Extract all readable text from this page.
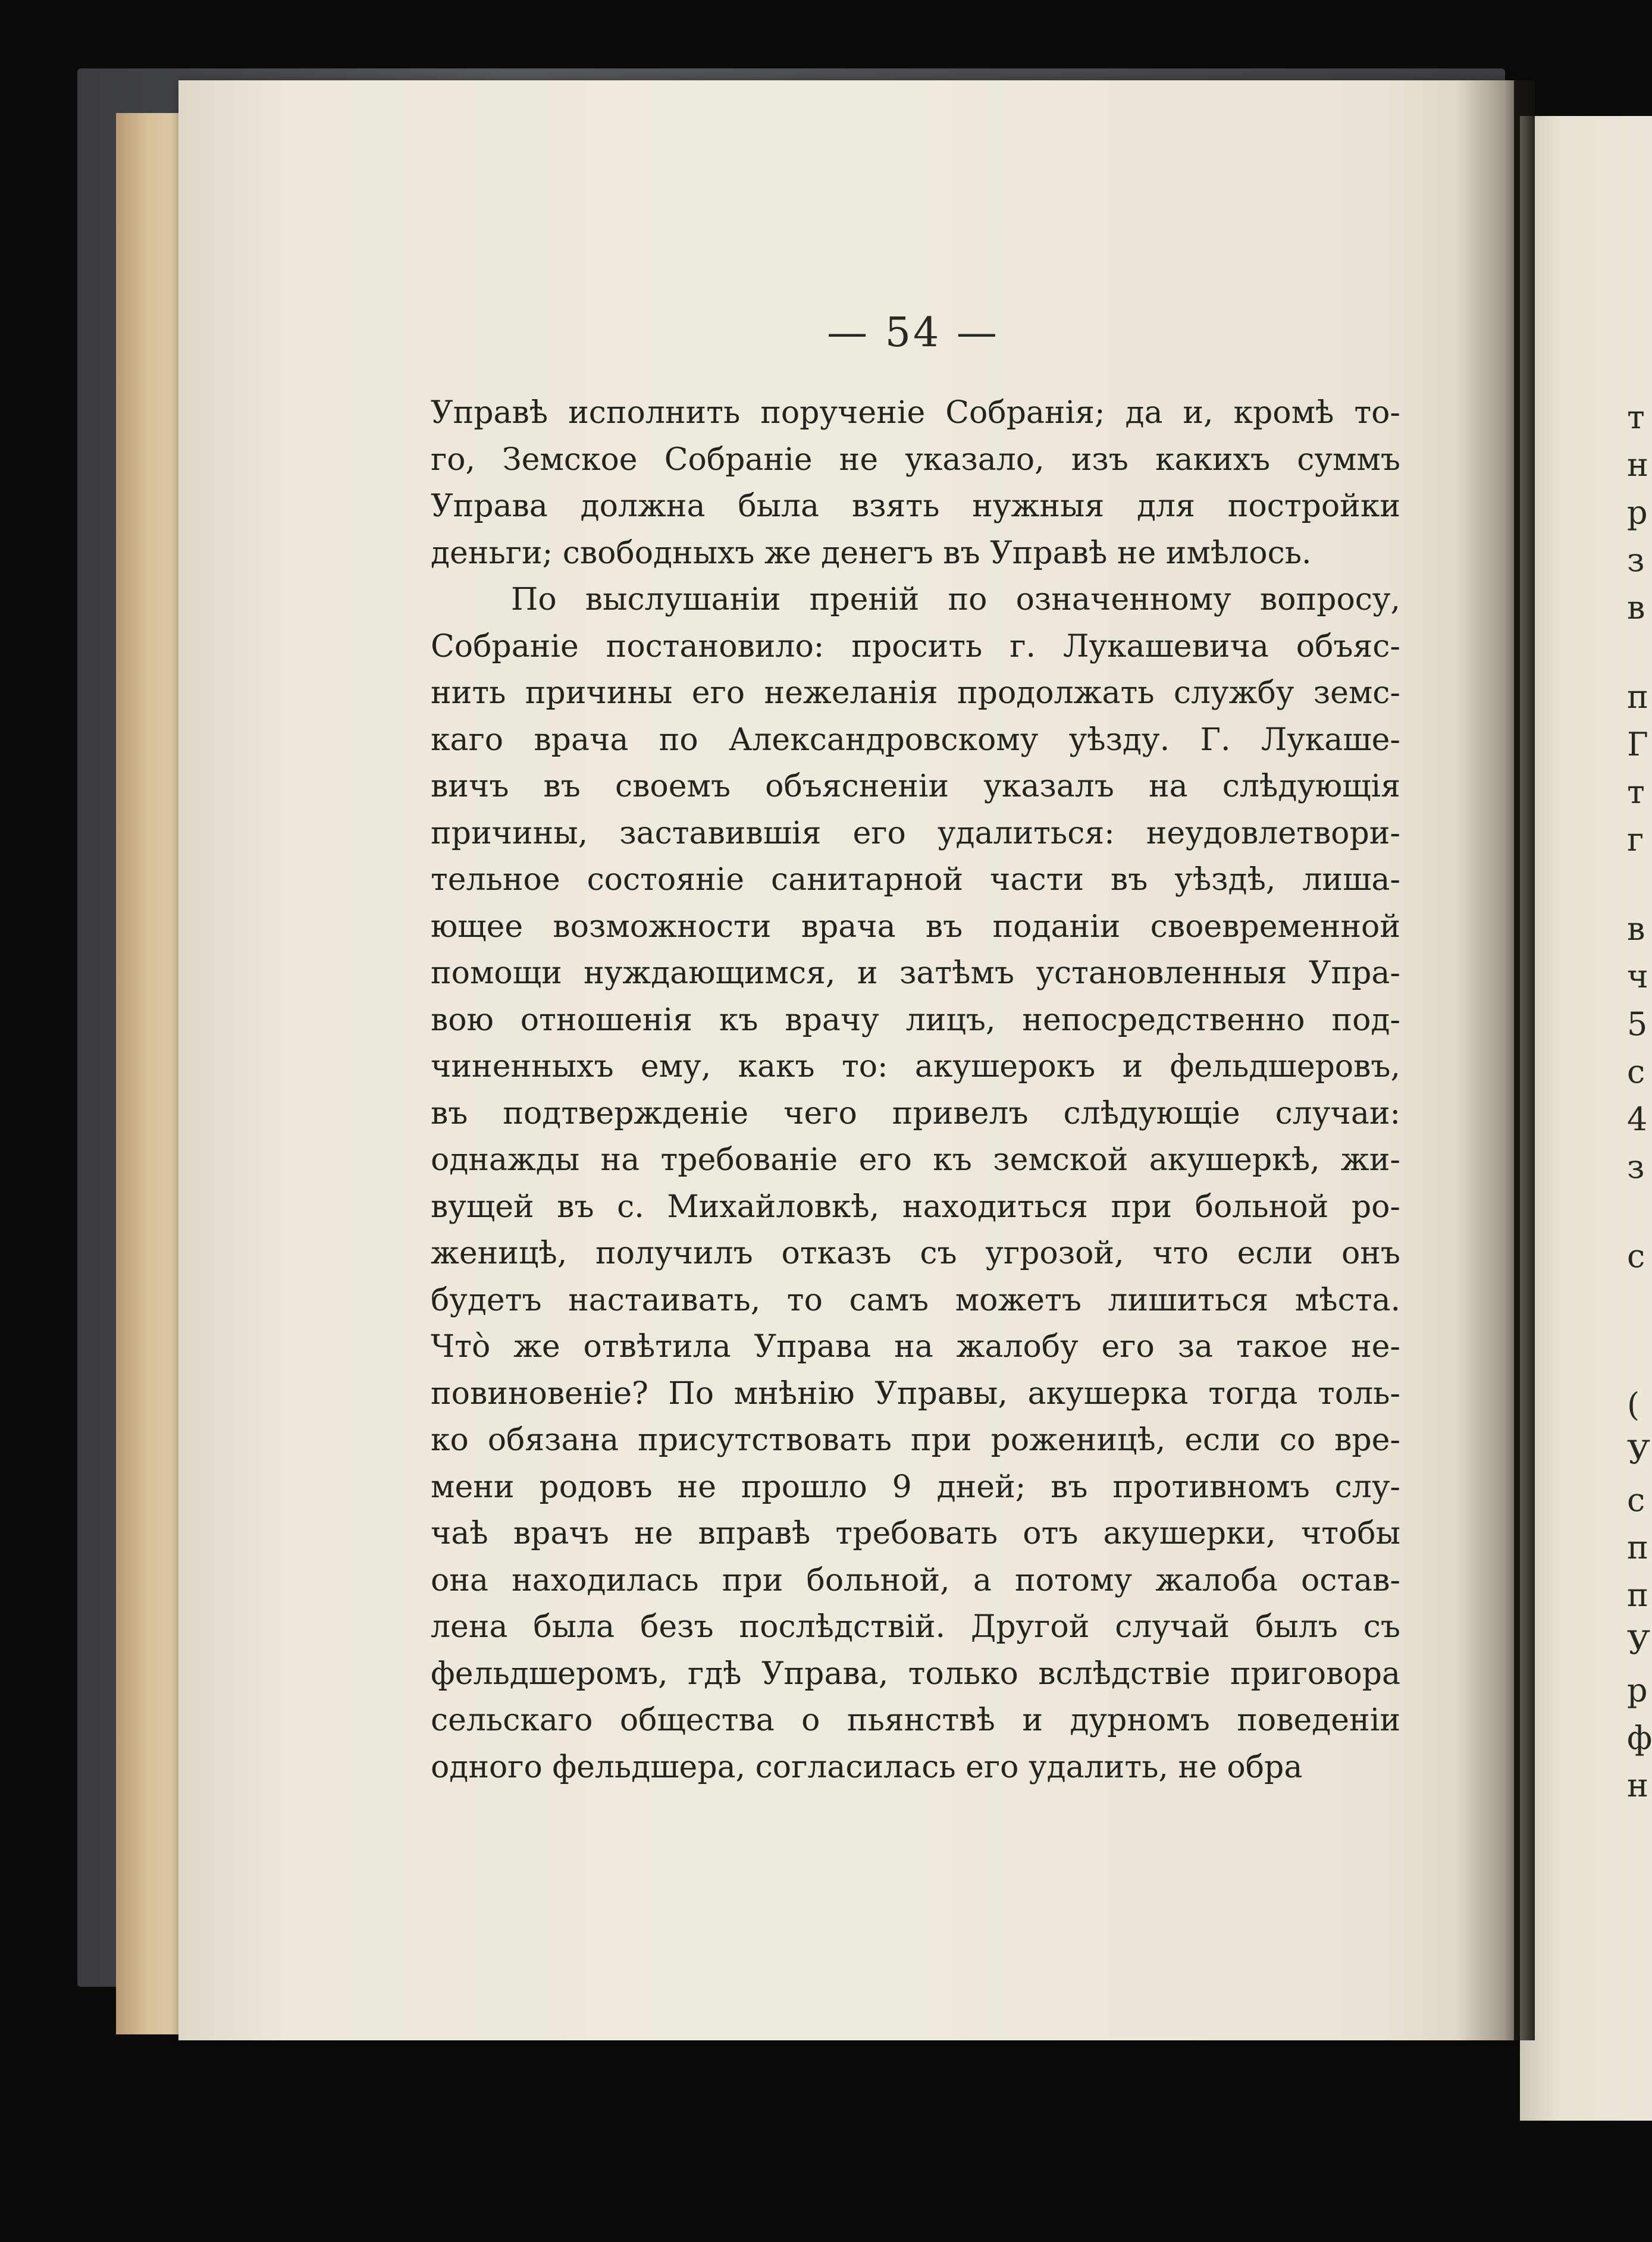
т
н
р
з
в
п
Г
т
г
в
ч
5
с
4
з
с
(
У
с
п
п
У
р
ф
н
— 54 —
Управѣ исполнить порученіе Собранія; да и, кромѣ то-
го, Земское Собраніе не указало, изъ какихъ суммъ
Управа должна была взять нужныя для постройки
деньги; свободныхъ же денегъ въ Управѣ не имѣлось.
По выслушаніи преній по означенному вопросу,
Собраніе постановило: просить г. Лукашевича объяс-
нить причины его нежеланія продолжать службу земс-
каго врача по Александровскому уѣзду. Г. Лукаше-
вичъ въ своемъ объясненіи указалъ на слѣдующія
причины, заставившія его удалиться: неудовлетвори-
тельное состояніе санитарной части въ уѣздѣ, лиша-
ющее возможности врача въ поданіи своевременной
помощи нуждающимся, и затѣмъ установленныя Упра-
вою отношенія къ врачу лицъ, непосредственно под-
чиненныхъ ему, какъ то: акушерокъ и фельдшеровъ,
въ подтвержденіе чего привелъ слѣдующіе случаи:
однажды на требованіе его къ земской акушеркѣ, жи-
вущей въ с. Михайловкѣ, находиться при больной ро-
женицѣ, получилъ отказъ съ угрозой, что если онъ
будетъ настаивать, то самъ можетъ лишиться мѣста.
Чтò же отвѣтила Управа на жалобу его за такое не-
повиновеніе? По мнѣнію Управы, акушерка тогда толь-
ко обязана присутствовать при роженицѣ, если со вре-
мени родовъ не прошло 9 дней; въ противномъ слу-
чаѣ врачъ не вправѣ требовать отъ акушерки, чтобы
она находилась при больной, а потому жалоба остав-
лена была безъ послѣдствій. Другой случай былъ съ
фельдшеромъ, гдѣ Управа, только вслѣдствіе приговора
сельскаго общества о пьянствѣ и дурномъ поведеніи
одного фельдшера, согласилась его удалить, не обра
